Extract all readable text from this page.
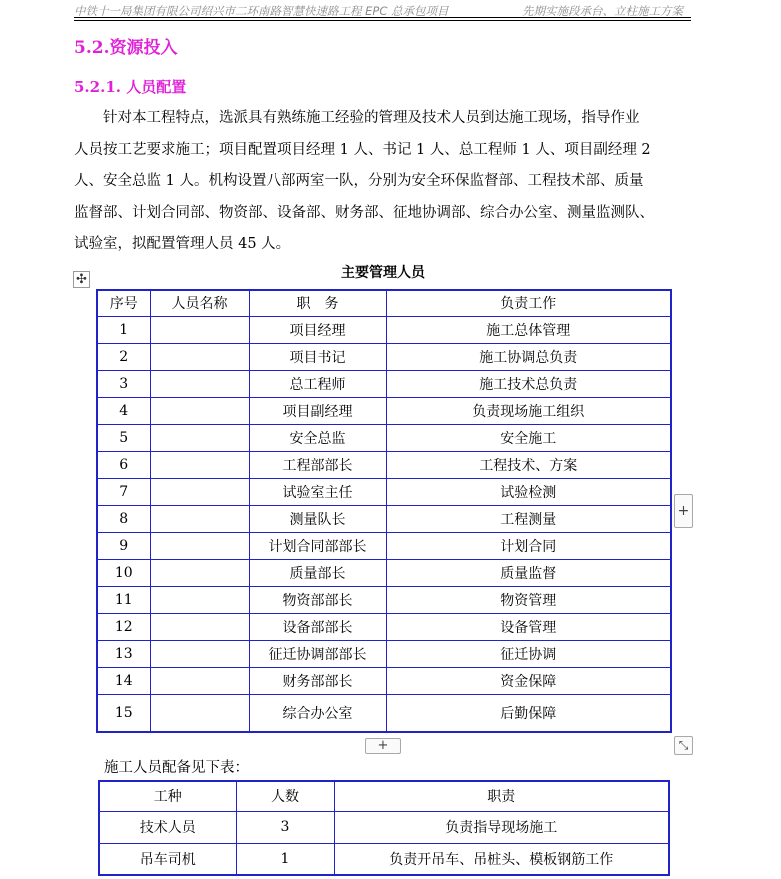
中铁十一局集团有限公司绍兴市二环南路智慧快速路工程 EPC 总承包项目	先期实施段承台、立柱施工方案
5.2.资源投入
5.2.1. 人员配置
针对本工程特点，选派具有熟练施工经验的管理及技术人员到达施工现场，指导作业
人员按工艺要求施工；项目配置项目经理 1 人、书记 1 人、总工程师 1 人、项目副经理 2
人、安全总监 1 人。机构设置八部两室一队，分别为安全环保监督部、工程技术部、质量
监督部、计划合同部、物资部、设备部、财务部、征地协调部、综合办公室、测量监测队、
试验室，拟配置管理人员 45 人。
✣	主要管理人员
序号	人员名称	职　务	负责工作
1		项目经理	施工总体管理
2		项目书记	施工协调总负责
3		总工程师	施工技术总负责
4		项目副经理	负责现场施工组织
5		安全总监	安全施工
6		工程部部长	工程技术、方案
7		试验室主任	试验检测
8		测量队长	工程测量
9		计划合同部部长	计划合同
10		质量部长	质量监督
11		物资部部长	物资管理
12		设备部部长	设备管理
13		征迁协调部部长	征迁协调
14		财务部部长	资金保障
15		综合办公室	后勤保障
+
+	⤡
施工人员配备见下表：
工种	人数	职责
技术人员	3	负责指导现场施工
吊车司机	1	负责开吊车、吊桩头、模板钢筋工作
